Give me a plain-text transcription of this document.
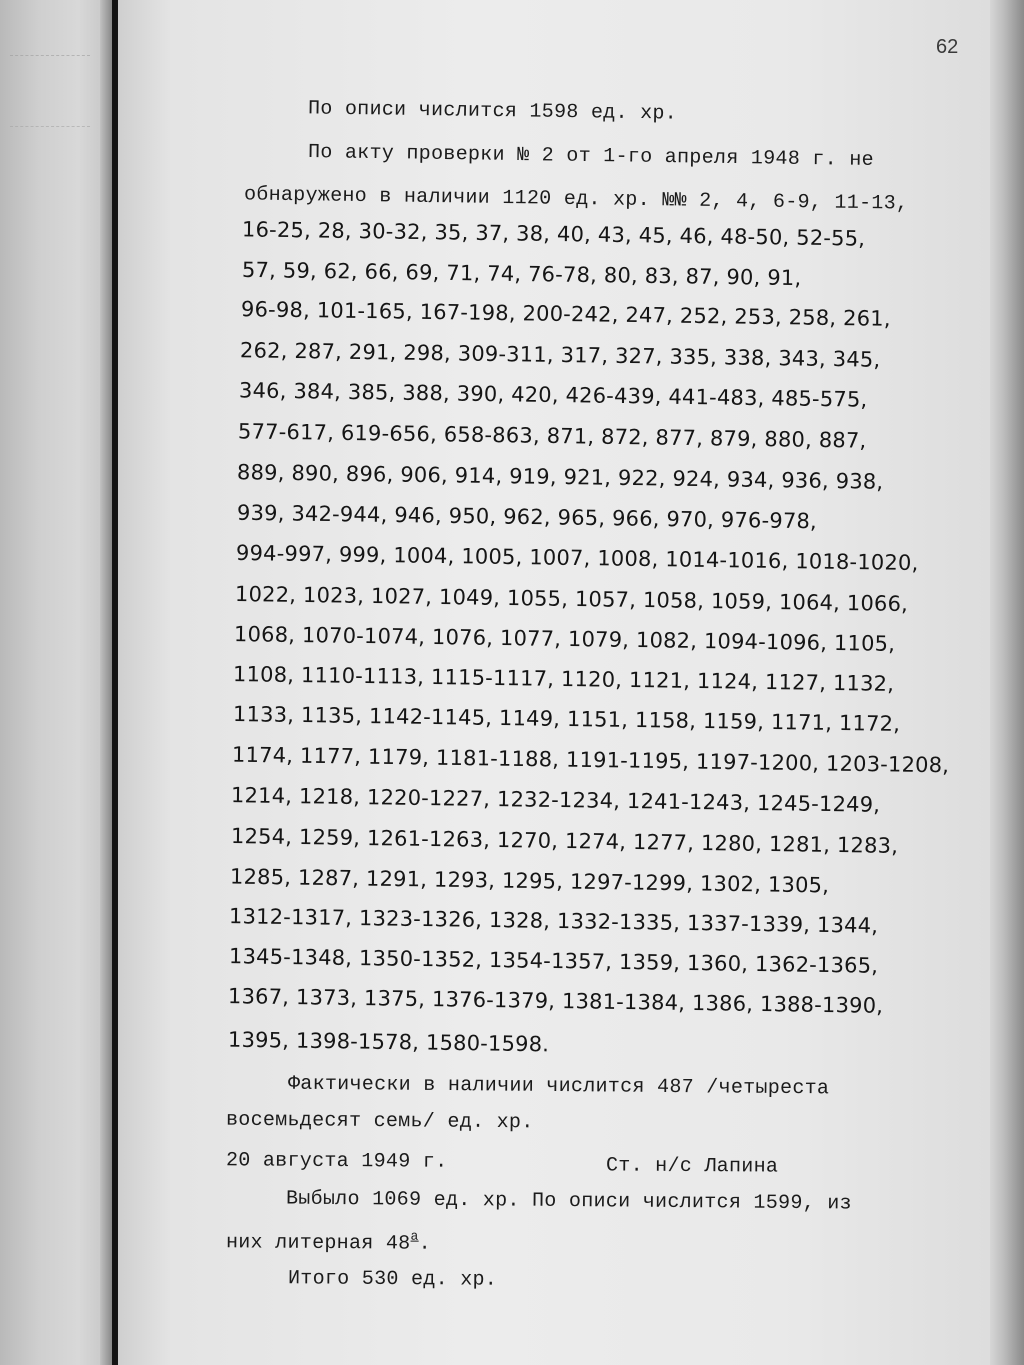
62
По описи числится 1598 ед. хр.
По акту проверки № 2 от 1-го апреля 1948 г. не
обнаружено в наличии 1120 ед. хр. №№ 2, 4, 6-9, 11-13,
16-25, 28, 30-32, 35, 37, 38, 40, 43, 45, 46, 48-50, 52-55,
57, 59, 62, 66, 69, 71, 74, 76-78, 80, 83, 87, 90, 91,
96-98, 101-165, 167-198, 200-242, 247, 252, 253, 258, 261,
262, 287, 291, 298, 309-311, 317, 327, 335, 338, 343, 345,
346, 384, 385, 388, 390, 420, 426-439, 441-483, 485-575,
577-617, 619-656, 658-863, 871, 872, 877, 879, 880, 887,
889, 890, 896, 906, 914, 919, 921, 922, 924, 934, 936, 938,
939, 342-944, 946, 950, 962, 965, 966, 970, 976-978,
994-997, 999, 1004, 1005, 1007, 1008, 1014-1016, 1018-1020,
1022, 1023, 1027, 1049, 1055, 1057, 1058, 1059, 1064, 1066,
1068, 1070-1074, 1076, 1077, 1079, 1082, 1094-1096, 1105,
1108, 1110-1113, 1115-1117, 1120, 1121, 1124, 1127, 1132,
1133, 1135, 1142-1145, 1149, 1151, 1158, 1159, 1171, 1172,
1174, 1177, 1179, 1181-1188, 1191-1195, 1197-1200, 1203-1208,
1214, 1218, 1220-1227, 1232-1234, 1241-1243, 1245-1249,
1254, 1259, 1261-1263, 1270, 1274, 1277, 1280, 1281, 1283,
1285, 1287, 1291, 1293, 1295, 1297-1299, 1302, 1305,
1312-1317, 1323-1326, 1328, 1332-1335, 1337-1339, 1344,
1345-1348, 1350-1352, 1354-1357, 1359, 1360, 1362-1365,
1367, 1373, 1375, 1376-1379, 1381-1384, 1386, 1388-1390,
1395, 1398-1578, 1580-1598.
Фактически в наличии числится 487 /четыреста
восемьдесят семь/ ед. хр.
20 августа 1949 г.	Ст. н/с Лапина
Выбыло 1069 ед. хр. По описи числится 1599, из
них литерная $48^а$.
Итого 530 ед. хр.
